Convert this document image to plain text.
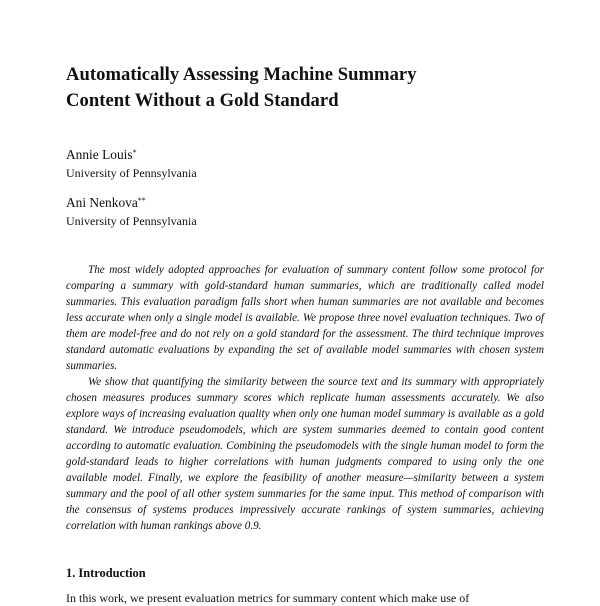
Automatically Assessing Machine Summary
Content Without a Gold Standard
Annie Louis*
University of Pennsylvania
Ani Nenkova**
University of Pennsylvania

The most widely adopted approaches for evaluation of summary content follow some protocol for comparing a summary with gold-standard human summaries, which are traditionally called model summaries. This evaluation paradigm falls short when human summaries are not available and becomes less accurate when only a single model is available. We propose three novel evaluation techniques. Two of them are model-free and do not rely on a gold standard for the assessment. The third technique improves standard automatic evaluations by expanding the set of available model summaries with chosen system summaries.

We show that quantifying the similarity between the source text and its summary with appropriately chosen measures produces summary scores which replicate human assessments accurately. We also explore ways of increasing evaluation quality when only one human model summary is available as a gold standard. We introduce pseudomodels, which are system summaries deemed to contain good content according to automatic evaluation. Combining the pseudomodels with the single human model to form the gold-standard leads to higher correlations with human judgments compared to using only the one available model. Finally, we explore the feasibility of another measure—similarity between a system summary and the pool of all other system summaries for the same input. This method of comparison with the consensus of systems produces impressively accurate rankings of system summaries, achieving correlation with human rankings above 0.9.

1. Introduction

In this work, we present evaluation metrics for summary content which make use of
